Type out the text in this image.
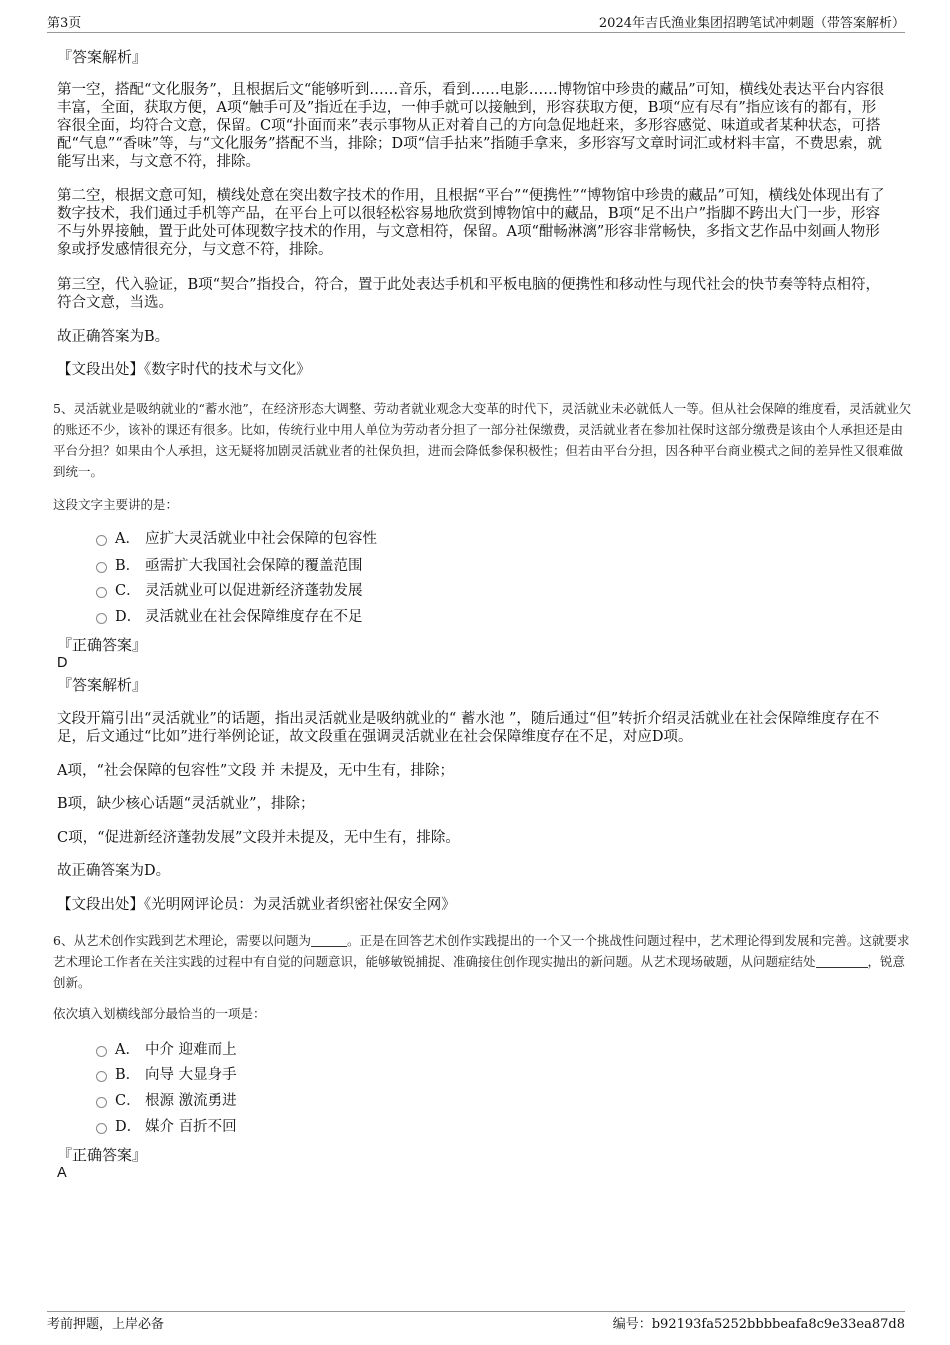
第3页	2024年吉氏渔业集团招聘笔试冲刺题（带答案解析）

『答案解析』

第一空，搭配“文化服务”，且根据后文“能够听到……音乐，看到……电影……博物馆中珍贵的藏品”可知，横线处表达平台内容很丰富，全面，获取方便，A项“触手可及”指近在手边，一伸手就可以接触到，形容获取方便，B项“应有尽有”指应该有的都有，形容很全面，均符合文意，保留。C项“扑面而来”表示事物从正对着自己的方向急促地赶来，多形容感觉、味道或者某种状态，可搭配“气息”“香味”等，与“文化服务”搭配不当，排除；D项“信手拈来”指随手拿来，多形容写文章时词汇或材料丰富，不费思索，就能写出来，与文意不符，排除。

第二空，根据文意可知，横线处意在突出数字技术的作用，且根据“平台”“便携性”“博物馆中珍贵的藏品”可知，横线处体现出有了数字技术，我们通过手机等产品，在平台上可以很轻松容易地欣赏到博物馆中的藏品，B项“足不出户”指脚不跨出大门一步，形容不与外界接触，置于此处可体现数字技术的作用，与文意相符，保留。A项“酣畅淋漓”形容非常畅快，多指文艺作品中刻画人物形象或抒发感情很充分，与文意不符，排除。

第三空，代入验证，B项“契合”指投合，符合，置于此处表达手机和平板电脑的便携性和移动性与现代社会的快节奏等特点相符，符合文意，当选。

故正确答案为B。

【文段出处】《数字时代的技术与文化》

5、灵活就业是吸纳就业的“蓄水池”，在经济形态大调整、劳动者就业观念大变革的时代下，灵活就业未必就低人一等。但从社会保障的维度看，灵活就业欠的账还不少，该补的课还有很多。比如，传统行业中用人单位为劳动者分担了一部分社保缴费，灵活就业者在参加社保时这部分缴费是该由个人承担还是由平台分担？如果由个人承担，这无疑将加剧灵活就业者的社保负担，进而会降低参保积极性；但若由平台分担，因各种平台商业模式之间的差异性又很难做到统一。

这段文字主要讲的是：

A． 应扩大灵活就业中社会保障的包容性
B． 亟需扩大我国社会保障的覆盖范围
C． 灵活就业可以促进新经济蓬勃发展
D． 灵活就业在社会保障维度存在不足

『正确答案』

D

『答案解析』

文段开篇引出“灵活就业”的话题，指出灵活就业是吸纳就业的“ 蓄水池 ”，随后通过“但”转折介绍灵活就业在社会保障维度存在不足，后文通过“比如”进行举例论证，故文段重在强调灵活就业在社会保障维度存在不足，对应D项。

A项，“社会保障的包容性”文段 并 未提及，无中生有，排除；

B项，缺少核心话题“灵活就业”，排除；

C项，“促进新经济蓬勃发展”文段并未提及，无中生有，排除。

故正确答案为D。

【文段出处】《光明网评论员：为灵活就业者织密社保安全网》

6、从艺术创作实践到艺术理论，需要以问题为	。正是在回答艺术创作实践提出的一个又一个挑战性问题过程中，艺术理论得到发展和完善。这就要求艺术理论工作者在关注实践的过程中有自觉的问题意识，能够敏锐捕捉、准确接住创作现实抛出的新问题。从艺术现场破题，从问题症结处	，锐意创新。

依次填入划横线部分最恰当的一项是：

A． 中介 迎难而上
B． 向导 大显身手
C． 根源 激流勇进
D． 媒介 百折不回

『正确答案』

A
考前押题，上岸必备	编号：b92193fa5252bbbbeafa8c9e33ea87d8
